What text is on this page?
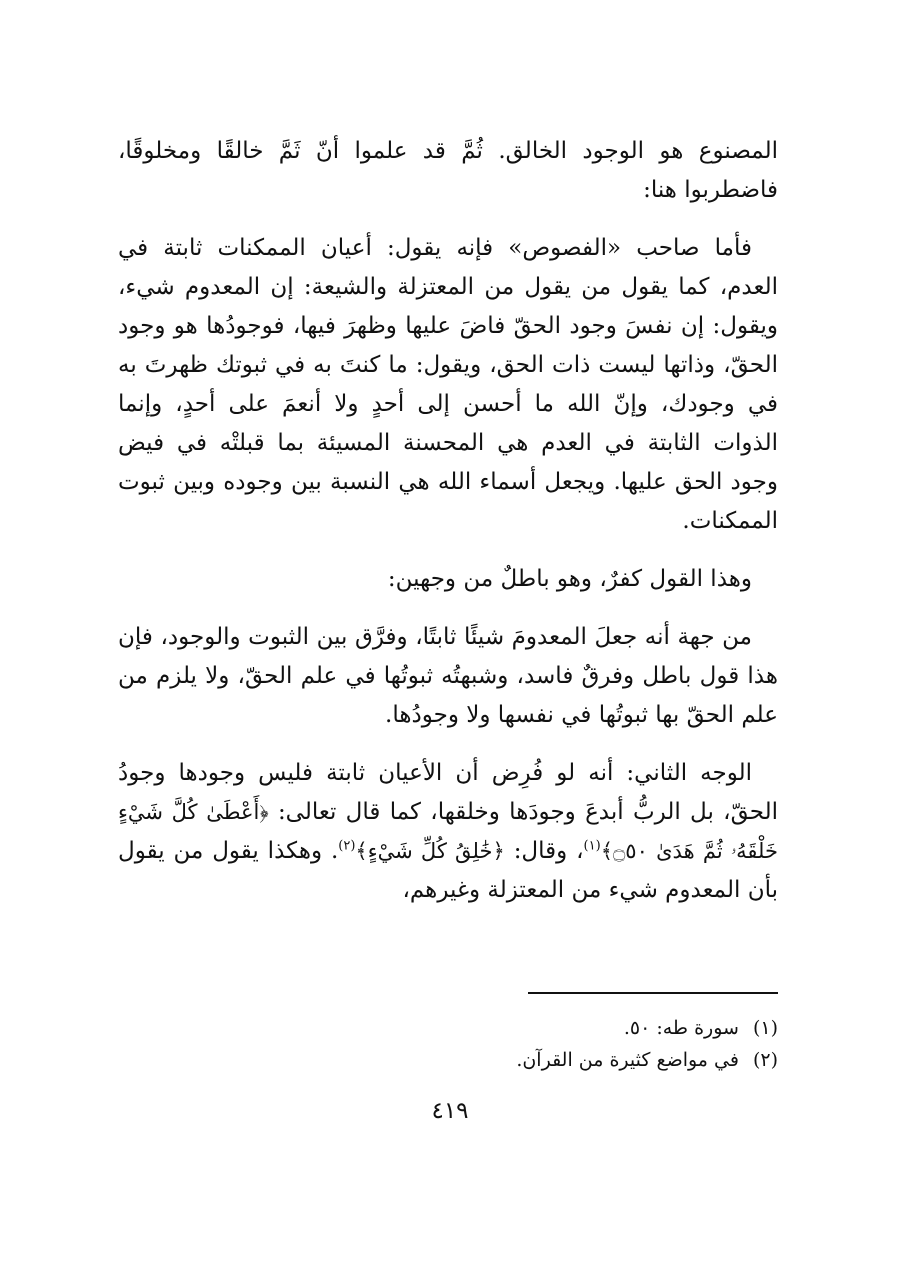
المصنوع هو الوجود الخالق. ثُمَّ قد علموا أنّ ثَمَّ خالقًا ومخلوقًا، فاضطربوا هنا:

فأما صاحب «الفصوص» فإنه يقول: أعيان الممكنات ثابتة في العدم، كما يقول من يقول من المعتزلة والشيعة: إن المعدوم شيء، ويقول: إن نفسَ وجود الحقّ فاضَ عليها وظهرَ فيها، فوجودُها هو وجود الحقّ، وذاتها ليست ذات الحق، ويقول: ما كنتَ به في ثبوتك ظهرتَ به في وجودك، وإنّ الله ما أحسن إلى أحدٍ ولا أنعمَ على أحدٍ، وإنما الذوات الثابتة في العدم هي المحسنة المسيئة بما قبلتْه في فيض وجود الحق عليها. ويجعل أسماء الله هي النسبة بين وجوده وبين ثبوت الممكنات.

وهذا القول كفرٌ، وهو باطلٌ من وجهين:

من جهة أنه جعلَ المعدومَ شيئًا ثابتًا، وفرَّق بين الثبوت والوجود، فإن هذا قول باطل وفرقٌ فاسد، وشبهتُه ثبوتُها في علم الحقّ، ولا يلزم من علم الحقّ بها ثبوتُها في نفسها ولا وجودُها.

الوجه الثاني: أنه لو فُرِض أن الأعيان ثابتة فليس وجودها وجودُ الحقّ، بل الربُّ أبدعَ وجودَها وخلقها، كما قال تعالى: ﴿أَعْطَىٰ كُلَّ شَيْءٍ خَلْقَهُۥ ثُمَّ هَدَىٰ ۝٥٠﴾$^{(١)}$، وقال: ﴿خَٰلِقُ كُلِّ شَيْءٍ﴾$^{(٢)}$. وهكذا يقول من يقول بأن المعدوم شيء من المعتزلة وغيرهم،

(١)
سورة طه: ٥٠.
(٢)
في مواضع كثيرة من القرآن.
٤١٩
